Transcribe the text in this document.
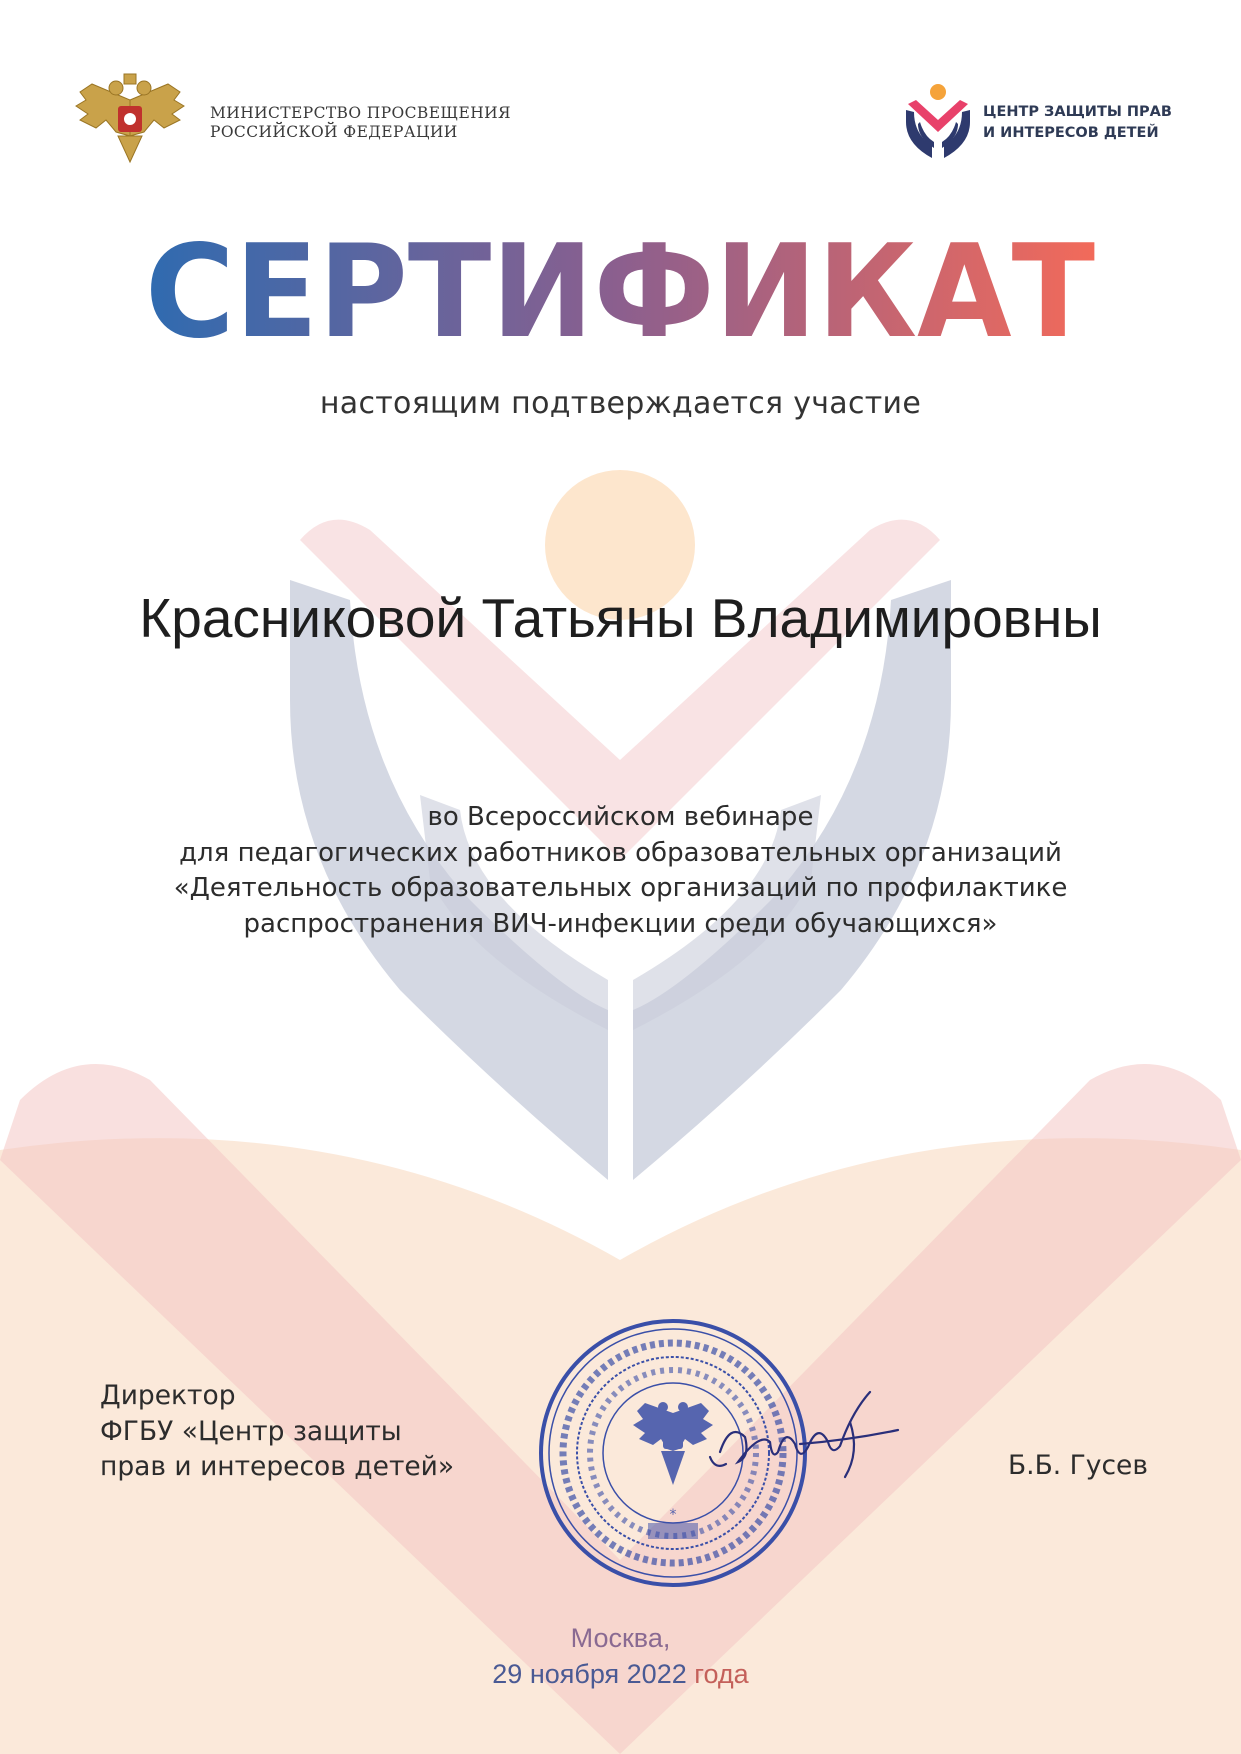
МИНИСТЕРСТВО ПРОСВЕЩЕНИЯ РОССИЙСКОЙ ФЕДЕРАЦИИ
ЦЕНТР ЗАЩИТЫ ПРАВ И ИНТЕРЕСОВ ДЕТЕЙ
СЕРТИФИКАТ
настоящим подтверждается участие
Красниковой Татьяны Владимировны
во Всероссийском вебинаре
для педагогических работников образовательных организаций
«Деятельность образовательных организаций по профилактике
распространения ВИЧ-инфекции среди обучающихся»
Директор
ФГБУ «Центр защиты
прав и интересов детей»
*
Б.Б. Гусев
Москва,
29 ноября 2022 года
